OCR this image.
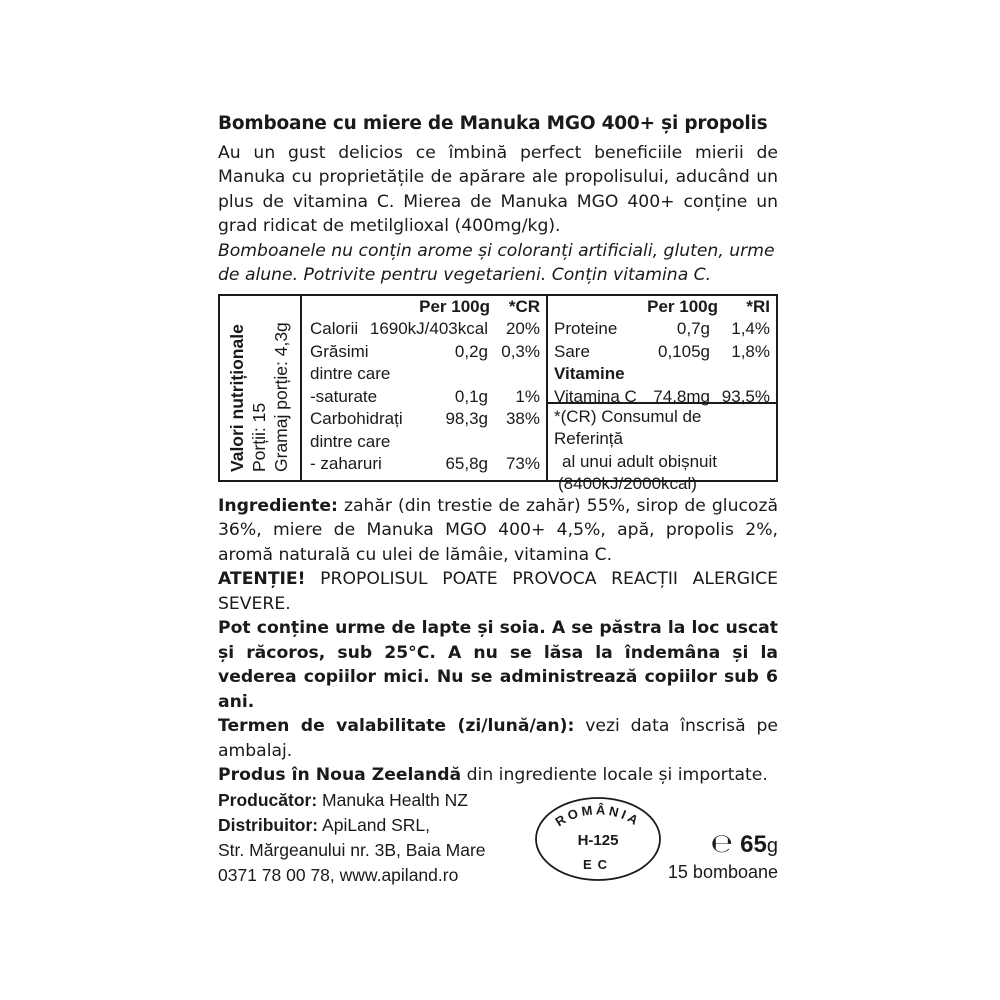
Bomboane cu miere de Manuka MGO 400+ și propolis

Au un gust delicios ce îmbină perfect beneficiile mierii de Manuka cu proprietățile de apărare ale propolisului, aducând un plus de vitamina C. Mierea de Manuka MGO 400+ conține un grad ridicat de metilglioxal (400mg/kg).

Bomboanele nu conțin arome și coloranți artificiali, gluten, urme de alune. Potrivite pentru vegetarieni. Conțin vitamina C.

Valori nutriționale Porții: 15 Gramaj porție: 4,3g
Per 100g	*CR
Calorii 1690kJ/403kcal	20%
Grăsimi	0,2g 0,3%
dintre care
-saturate	0,1g	1%
Carbohidrați	98,3g	38%
dintre care
- zaharuri	65,8g	73%
Per 100g	*RI
Proteine	0,7g	1,4%
Sare	0,105g	1,8%
Vitamine
Vitamina C 74,8mg 93,5%
*(CR) Consumul de Referință
al unui adult obișnuit
(8400kJ/2000kcal)

Ingrediente: zahăr (din trestie de zahăr) 55%, sirop de glucoză 36%, miere de Manuka MGO 400+ 4,5%, apă, propolis 2%, aromă naturală cu ulei de lămâie, vitamina C.

ATENȚIE! PROPOLISUL POATE PROVOCA REACȚII ALERGICE SEVERE.

Pot conține urme de lapte și soia. A se păstra la loc uscat și răcoros, sub 25°C. A nu se lăsa la îndemâna și la vederea copiilor mici. Nu se administrează copiilor sub 6 ani.

Termen de valabilitate (zi/lună/an): vezi data înscrisă pe ambalaj.

Produs în Noua Zeelandă din ingrediente locale și importate.

Producător: Manuka Health NZ
Distribuitor: ApiLand SRL,
Str. Mărgeanului nr. 3B, Baia Mare
0371 78 00 78, www.apiland.ro
ROMÂNIA
H-125
EC
℮ 65g
15 bomboane
